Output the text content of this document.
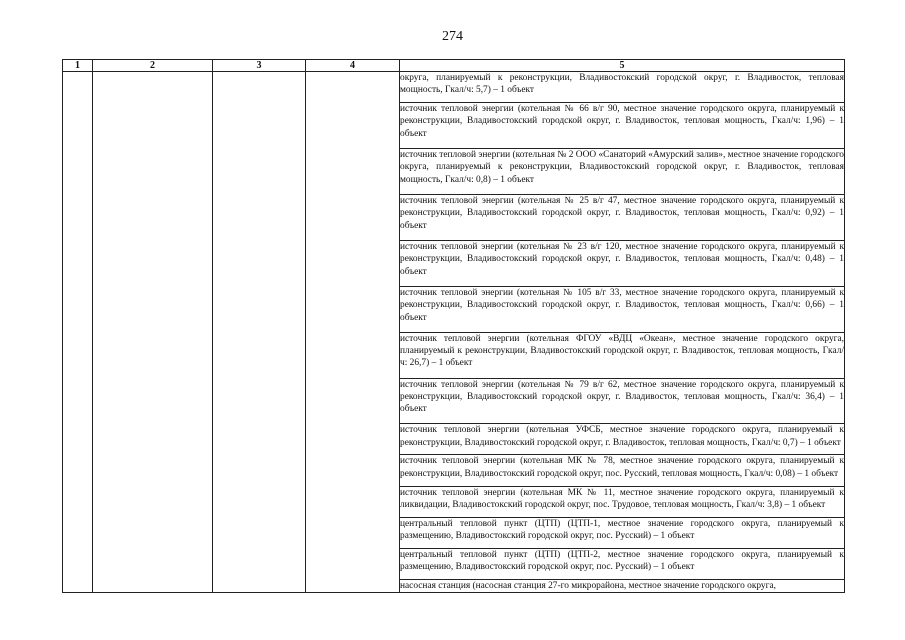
274
1	2	3	4	5
				округа, планируемый к реконструкции, Владивостокский городской округ, г. Владивосток, тепловая мощность, Гкал/ч: 5,7) – 1 объект
				источник тепловой энергии (котельная № 66 в/г 90, местное значение городского округа, планируемый к реконструкции, Владивостокский городской округ, г. Владивосток, тепловая мощность, Гкал/ч: 1,96) – 1 объект
				источник тепловой энергии (котельная № 2 ООО «Санаторий «Амурский залив», местное значение городского округа, планируемый к реконструкции, Владивостокский городской округ, г. Владивосток, тепловая мощность, Гкал/ч: 0,8) – 1 объект
				источник тепловой энергии (котельная № 25 в/г 47, местное значение городского округа, планируемый к реконструкции, Владивостокский городской округ, г. Владивосток, тепловая мощность, Гкал/ч: 0,92) – 1 объект
				источник тепловой энергии (котельная № 23 в/г 120, местное значение городского округа, планируемый к реконструкции, Владивостокский городской округ, г. Владивосток, тепловая мощность, Гкал/ч: 0,48) – 1 объект
				источник тепловой энергии (котельная № 105 в/г 33, местное значение городского округа, планируемый к реконструкции, Владивостокский городской округ, г. Владивосток, тепловая мощность, Гкал/ч: 0,66) – 1 объект
				источник тепловой энергии (котельная ФГОУ «ВДЦ «Океан», местное значение городского округа, планируемый к реконструкции, Владивостокский городской округ, г. Владивосток, тепловая мощность, Гкал/ч: 26,7) – 1 объект
				источник тепловой энергии (котельная № 79 в/г 62, местное значение городского округа, планируемый к реконструкции, Владивостокский городской округ, г. Владивосток, тепловая мощность, Гкал/ч: 36,4) – 1 объект
				источник тепловой энергии (котельная УФСБ, местное значение городского округа, планируемый к реконструкции, Владивостокский городской округ, г. Владивосток, тепловая мощность, Гкал/ч: 0,7) – 1 объект
				источник тепловой энергии (котельная МК № 78, местное значение городского округа, планируемый к реконструкции, Владивостокский городской округ, пос. Русский, тепловая мощность, Гкал/ч: 0,08) – 1 объект
				источник тепловой энергии (котельная МК № 11, местное значение городского округа, планируемый к ликвидации, Владивостокский городской округ, пос. Трудовое, тепловая мощность, Гкал/ч: 3,8) – 1 объект
				центральный тепловой пункт (ЦТП) (ЦТП-1, местное значение городского округа, планируемый к размещению, Владивостокский городской округ, пос. Русский) – 1 объект
				центральный тепловой пункт (ЦТП) (ЦТП-2, местное значение городского округа, планируемый к размещению, Владивостокский городской округ, пос. Русский) – 1 объект
				насосная станция (насосная станция 27-го микрорайона, местное значение городского округа,
